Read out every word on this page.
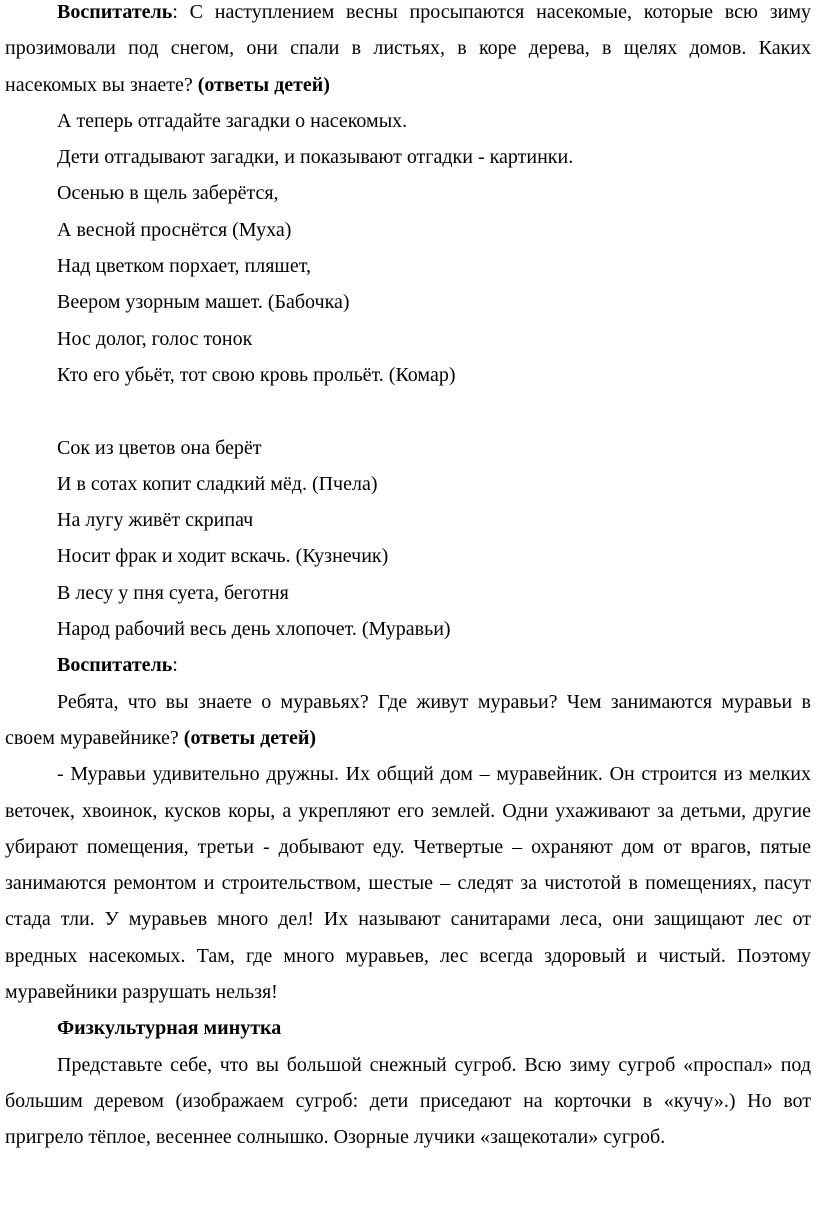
Воспитатель: С наступлением весны просыпаются насекомые, которые всю зиму прозимовали под снегом, они спали в листьях, в коре дерева, в щелях домов. Каких насекомых вы знаете? (ответы детей)
А теперь отгадайте загадки о насекомых.
Дети отгадывают загадки, и показывают отгадки - картинки.
Осенью в щель заберётся,
А весной проснётся (Муха)
Над цветком порхает, пляшет,
Веером узорным машет. (Бабочка)
Нос долог, голос тонок
Кто его убьёт, тот свою кровь прольёт. (Комар)
Сок из цветов она берёт
И в сотах копит сладкий мёд. (Пчела)
На лугу живёт скрипач
Носит фрак и ходит вскачь. (Кузнечик)
В лесу у пня суета, беготня
Народ рабочий весь день хлопочет. (Муравьи)
Воспитатель:
Ребята, что вы знаете о муравьях? Где живут муравьи? Чем занимаются муравьи в своем муравейнике? (ответы детей)
- Муравьи удивительно дружны. Их общий дом – муравейник. Он строится из мелких веточек, хвоинок, кусков коры, а укрепляют его землей. Одни ухаживают за детьми, другие убирают помещения, третьи - добывают еду. Четвертые – охраняют дом от врагов, пятые занимаются ремонтом и строительством, шестые – следят за чистотой в помещениях, пасут стада тли. У муравьев много дел! Их называют санитарами леса, они защищают лес от вредных насекомых. Там, где много муравьев, лес всегда здоровый и чистый. Поэтому муравейники разрушать нельзя!
Физкультурная минутка
Представьте себе, что вы большой снежный сугроб. Всю зиму сугроб «проспал» под большим деревом (изображаем сугроб: дети приседают на корточки в «кучу».) Но вот пригрело тёплое, весеннее солнышко. Озорные лучики «защекотали» сугроб.
